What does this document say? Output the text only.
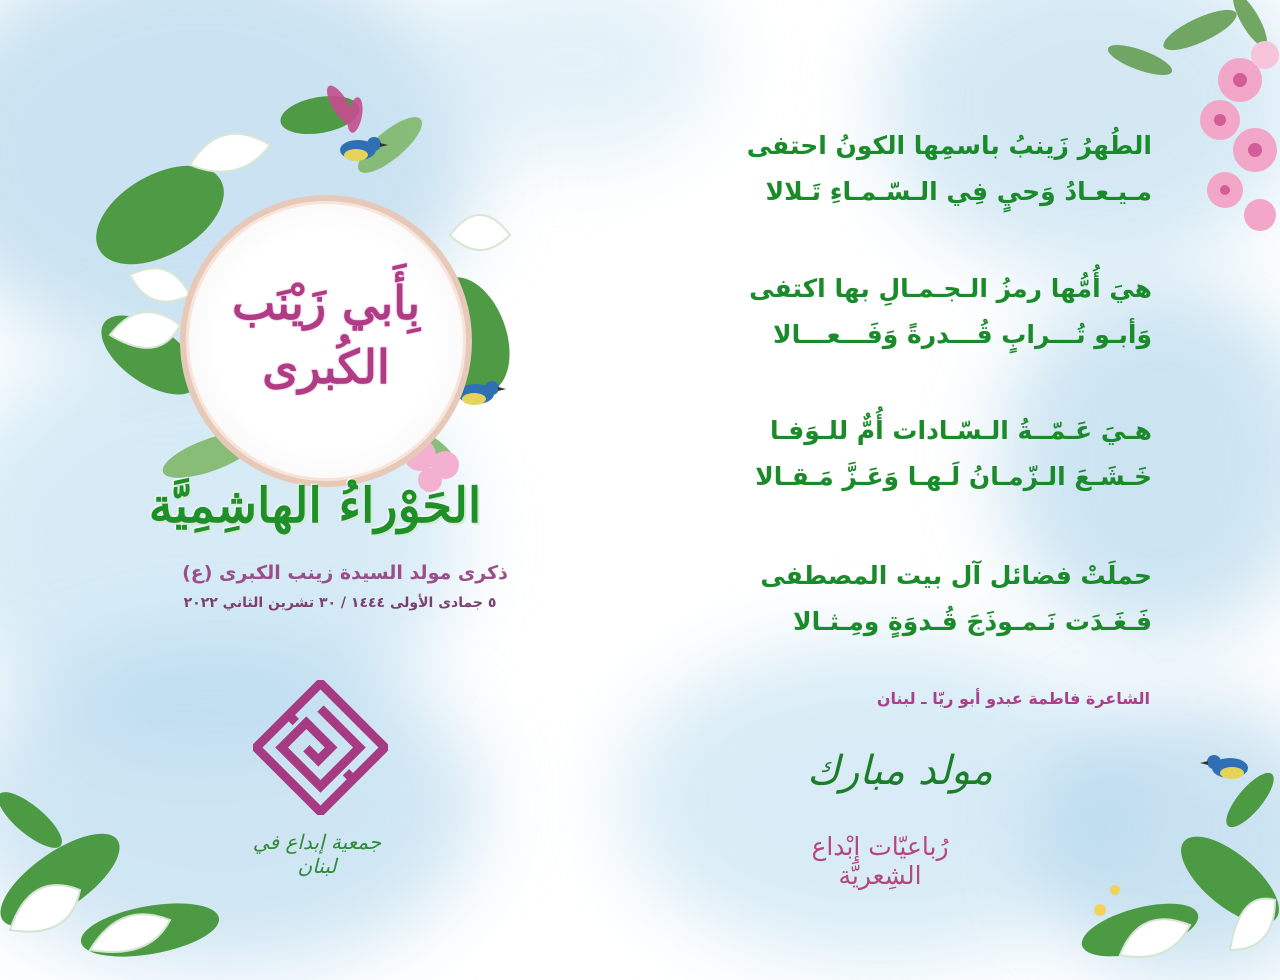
بِأَبي زَيْنَب الكُبرى
الحَوْراءُ الهاشِمِيَّة
ذكرى مولد السيدة زينب الكبرى (ع)
٥ جمادى الأولى ١٤٤٤ / ٣٠ تشرين الثاني ٢٠٢٢
جمعية إبداع في لبنان
الطُهرُ زَينبُ باسمِها الكونُ احتفى
مـيـعـادُ وَحيٍ فِي الـسّـمـاءِ تَـلالا
هيَ أُمُّها رمزُ الـجـمـالِ بها اكتفى
وَأبـو تُـــرابٍ قُـــدرةً وَفَـــعـــالا
هـيَ عَـمّــةُ الـسّـادات أُمٌّ للـوَفـا
خَـشَـعَ الـزّمـانُ لَـهـا وَعَـزَّ مَـقـالا
حملَتْ فضائل آل بيت المصطفى
فَـغَـدَت نَـمـوذَجَ قُـدوَةٍ ومِـثـالا
الشاعرة فاطمة عبدو أبو ريّا ـ لبنان
مولد مبارك
رُباعيّات إبْداع الشِعريَّة
